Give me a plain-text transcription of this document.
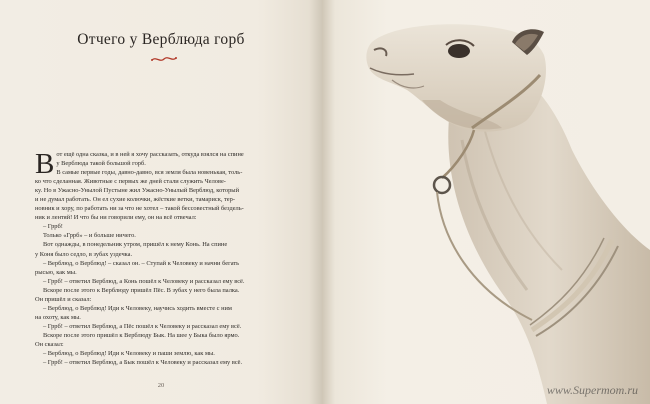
Отчего у Верблюда горб
В от ещё одна сказка, и в ней я хочу рассказать, откуда взялся на спине
у Верблюда такой большой горб.
В самые первые годы, давно-давно, вся земля была новенькая, толь-

ко что сделанная. Животные с первых же дней стали служить Челове-

ку. Но в Ужасно-Унылой Пустыне жил Ужасно-Унылый Верблюд, который

и не думал работать. Он ел сухие колючки, жёсткие ветки, тамариск, тер-

новник и хору, по работать ни за что не хотел – такой бессовестный бездель-

ник и лентяй! И что бы ни говорили ему, он на всё отвечал:

– Гррб!

Только «Гррб» – и больше ничего.

Вот однажды, в понедельник утром, пришёл к нему Конь. На спине

у Коня было седло, в зубах уздечка.

– Верблюд, о Верблюд! – сказал он. – Ступай к Человеку и начни бегать

рысью, как мы.

– Гррб! – ответил Верблюд, а Конь пошёл к Человеку и рассказал ему всё.

Вскоре после этого к Верблюду пришёл Пёс. В зубах у него была палка.

Он пришёл и сказал:

– Верблюд, о Верблюд! Иди к Человеку, научись ходить вместе с ним

на охоту, как мы.

– Гррб! – ответил Верблюд, а Пёс пошёл к Человеку и рассказал ему всё.

Вскоре после этого пришёл к Верблюду Бык. На шее у Быка было ярмо.

Он сказал:

– Верблюд, о Верблюд! Иди к Человеку и паши землю, как мы.

– Гррб! – ответил Верблюд, а Бык пошёл к Человеку и рассказал ему всё.

20	www.Supermom.ru
